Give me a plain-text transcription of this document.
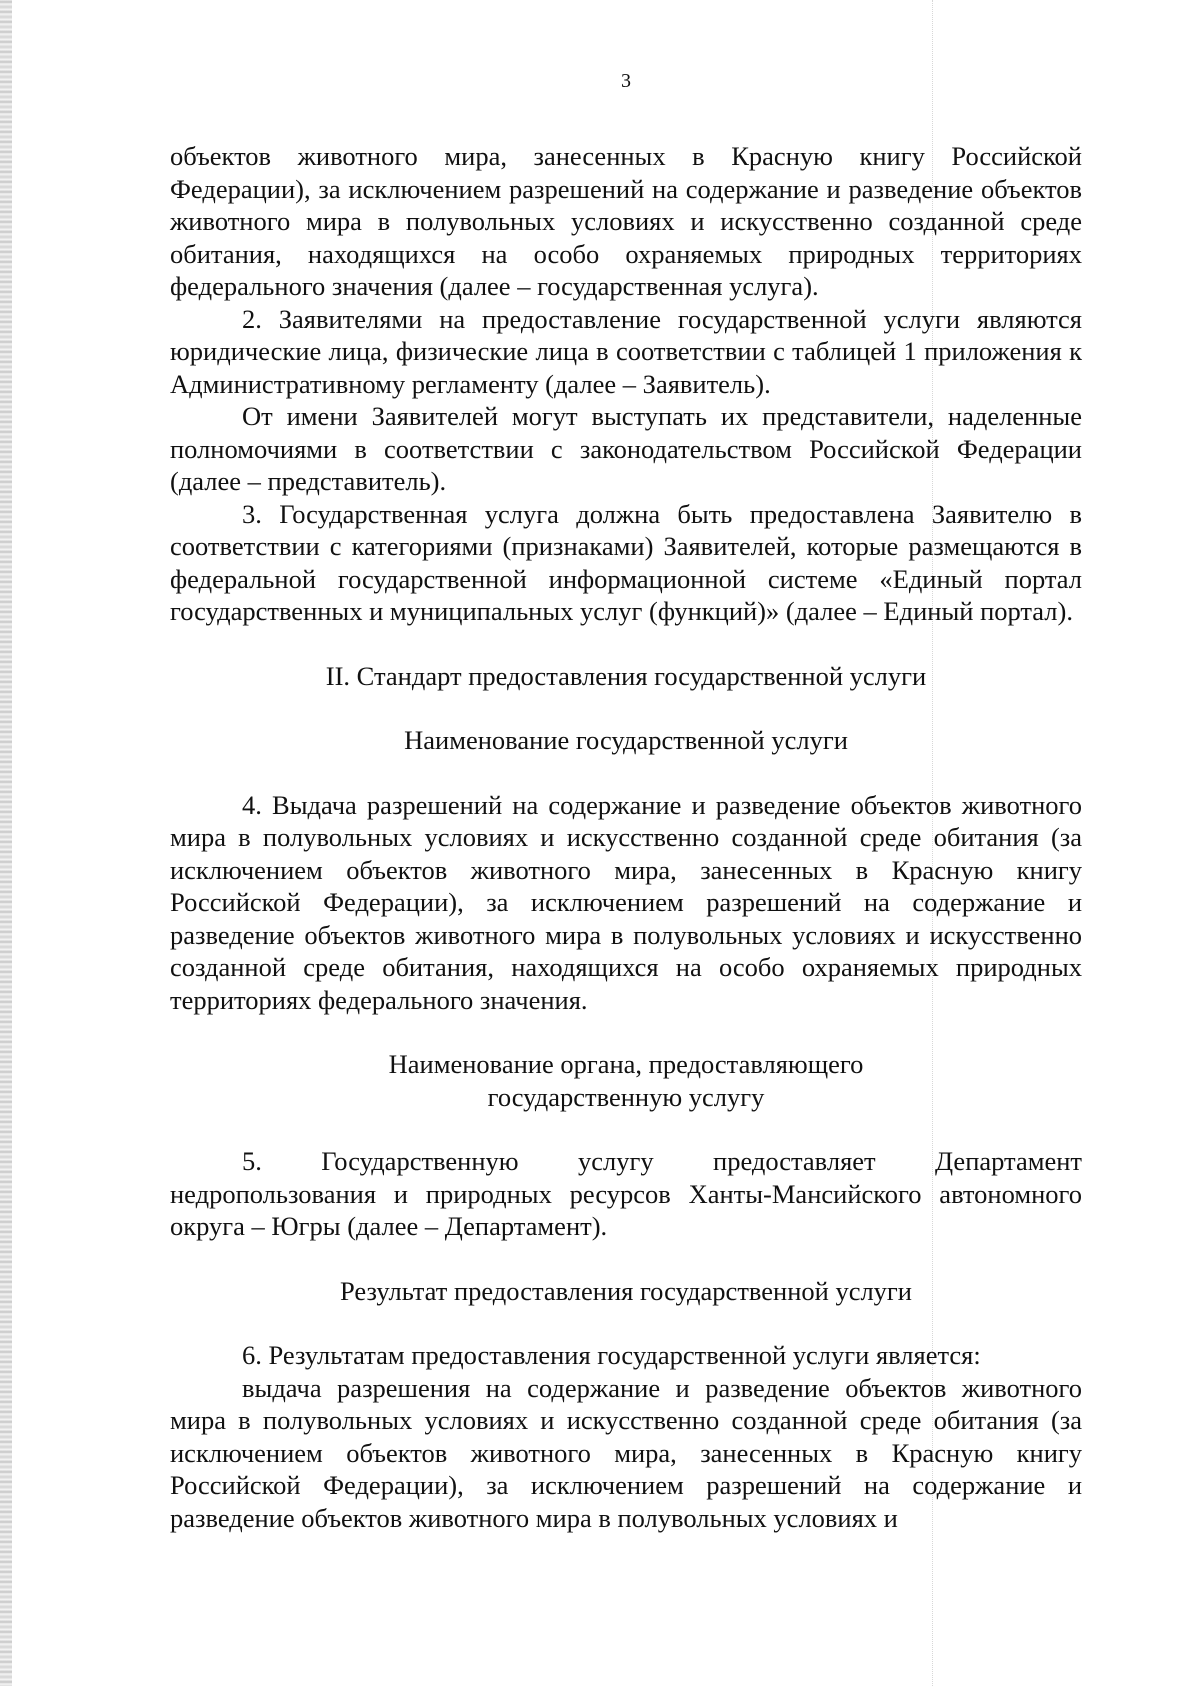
3

объектов животного мира, занесенных в Красную книгу Российской Федерации), за исключением разрешений на содержание и разведение объектов животного мира в полувольных условиях и искусственно созданной среде обитания, находящихся на особо охраняемых природных территориях федерального значения (далее – государственная услуга).

2. Заявителями на предоставление государственной услуги являются юридические лица, физические лица в соответствии с таблицей 1 приложения к Административному регламенту (далее – Заявитель).

От имени Заявителей могут выступать их представители, наделенные полномочиями в соответствии с законодательством Российской Федерации (далее – представитель).

3. Государственная услуга должна быть предоставлена Заявителю в соответствии с категориями (признаками) Заявителей, которые размещаются в федеральной государственной информационной системе «Единый портал государственных и муниципальных услуг (функций)» (далее – Единый портал).

II. Стандарт предоставления государственной услуги

Наименование государственной услуги

4. Выдача разрешений на содержание и разведение объектов животного мира в полувольных условиях и искусственно созданной среде обитания (за исключением объектов животного мира, занесенных в Красную книгу Российской Федерации), за исключением разрешений на содержание и разведение объектов животного мира в полувольных условиях и искусственно созданной среде обитания, находящихся на особо охраняемых природных территориях федерального значения.

Наименование органа, предоставляющего

государственную услугу

5. Государственную услугу предоставляет Департамент недропользования и природных ресурсов Ханты-Мансийского автономного округа – Югры (далее – Департамент).

Результат предоставления государственной услуги

6. Результатам предоставления государственной услуги является:

выдача разрешения на содержание и разведение объектов животного мира в полувольных условиях и искусственно созданной среде обитания (за исключением объектов животного мира, занесенных в Красную книгу Российской Федерации), за исключением разрешений на содержание и разведение объектов животного мира в полувольных условиях и
